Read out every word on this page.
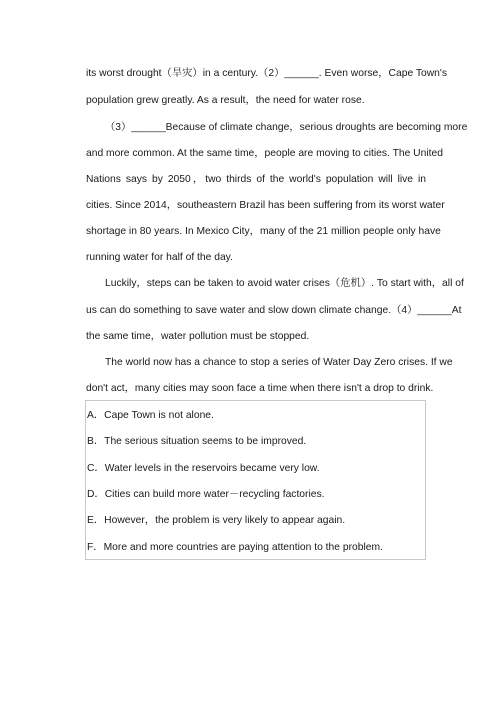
its worst drought（旱灾）in a century.（2）______. Even worse，Cape Town's
population grew greatly. As a result，the need for water rose.
（3）______Because of climate change，serious droughts are becoming more
and more common. At the same time，people are moving to cities. The United
Nations says by 2050，two thirds of the world's population will live in
cities. Since 2014，southeastern Brazil has been suffering from its worst water
shortage in 80 years. In Mexico City，many of the 21 million people only have
running water for half of the day.
Luckily，steps can be taken to avoid water crises（危机）. To start with，all of
us can do something to save water and slow down climate change.（4）______At
the same time，water pollution must be stopped.
The world now has a chance to stop a series of Water Day Zero crises. If we
don't act，many cities may soon face a time when there isn't a drop to drink.
A．Cape Town is not alone.
B．The serious situation seems to be improved.
C．Water levels in the reservoirs became very low.
D．Cities can build more water－recycling factories.
E．However，the problem is very likely to appear again.
F．More and more countries are paying attention to the problem.
